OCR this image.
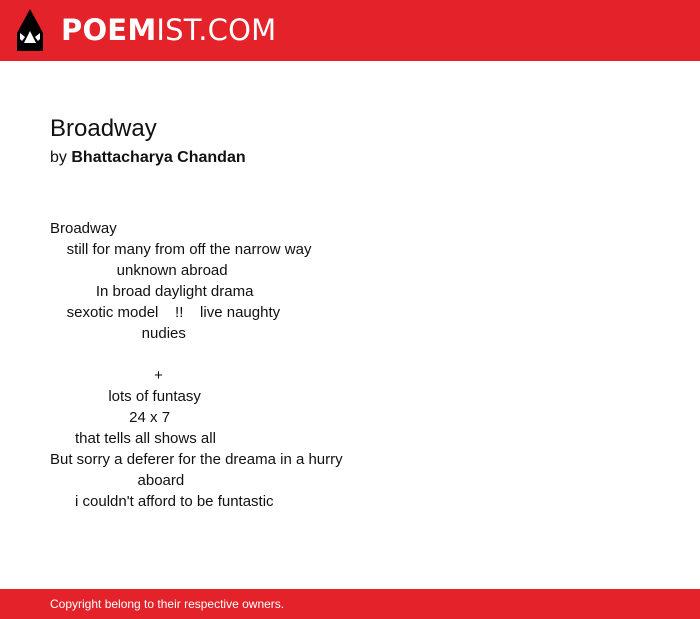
POEMIST.COM
Broadway

by Bhattacharya Chandan

Broadway
still for many from off the narrow way
unknown abroad
In broad daylight drama
sexotic model    !!    live naughty
nudies
+
lots of funtasy
24 x 7
that tells all shows all
But sorry a deferer for the dreama in a hurry
aboard
i couldn't afford to be funtastic
Copyright belong to their respective owners.
